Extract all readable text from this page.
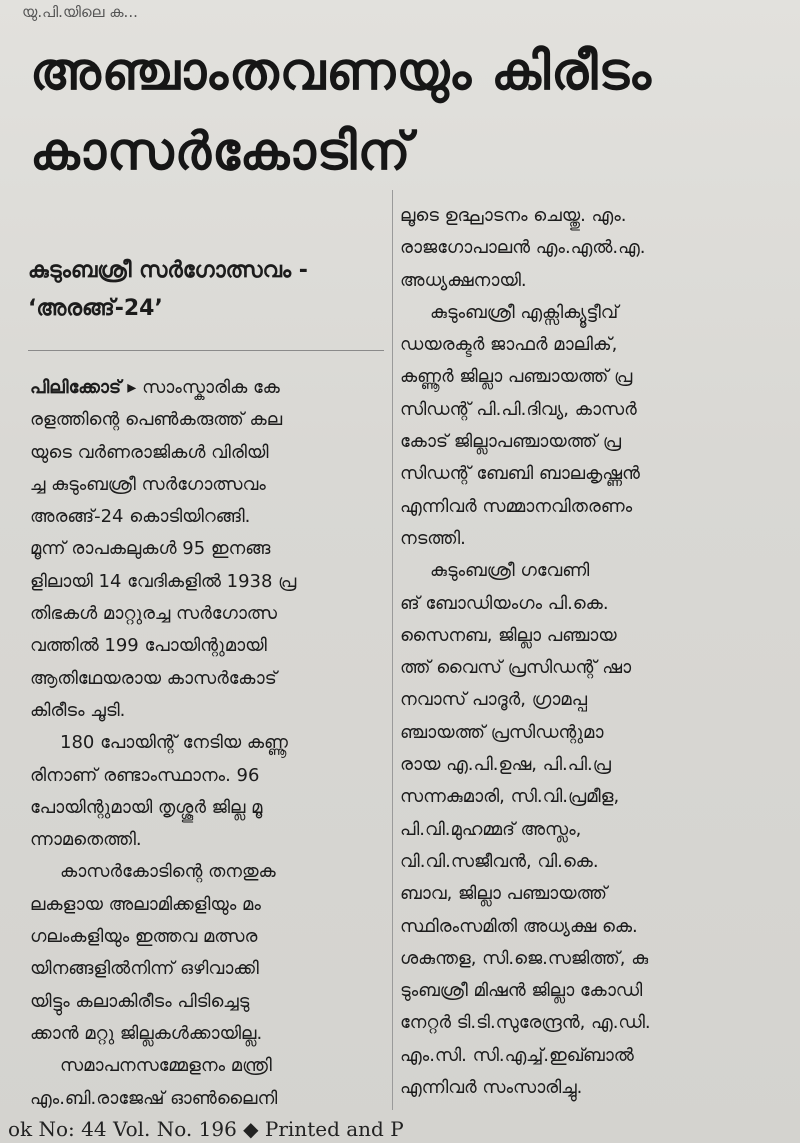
യു.പി.യിലെ ക...
അഞ്ചാംതവണയും കിരീടം
കാസർകോടിന്
കുടുംബശ്രീ സർഗോത്സവം -
‘അരങ്ങ്-24’
പിലിക്കോട് ▸ സാംസ്കാരിക കേ
രളത്തിന്റെ പെൺകരുത്ത് കല
യുടെ വർണരാജികൾ വിരിയി
ച്ച കുടുംബശ്രീ സർഗോത്സവം
അരങ്ങ്-24 കൊടിയിറങ്ങി.
മൂന്ന് രാപകലുകൾ 95 ഇനങ്ങ
ളിലായി 14 വേദികളിൽ 1938 പ്ര
തിഭകൾ മാറ്റുരച്ച സർഗോത്സ
വത്തിൽ 199 പോയിന്റുമായി
ആതിഥേയരായ കാസർകോട്
കിരീടം ചൂടി.
180 പോയിന്റ് നേടിയ കണ്ണൂ
രിനാണ് രണ്ടാംസ്ഥാനം. 96
പോയിന്റുമായി തൃശ്ശൂർ ജില്ല മൂ
ന്നാമതെത്തി.
കാസർകോടിന്റെ തനതുക
ലകളായ അലാമിക്കളിയും മം
ഗലംകളിയും ഇത്തവ മത്സര
യിനങ്ങളിൽനിന്ന് ഒഴിവാക്കി
യിട്ടും കലാകിരീടം പിടിച്ചെടു
ക്കാൻ മറ്റു ജില്ലകൾക്കായില്ല.
സമാപനസമ്മേളനം മന്ത്രി
എം.ബി.രാജേഷ് ഓൺലൈനി
ലൂടെ ഉദ്ഘാടനം ചെയ്തു. എം.
രാജഗോപാലൻ എം.എൽ.എ.
അധ്യക്ഷനായി.
കുടുംബശ്രീ എക്സിക്യൂട്ടീവ്
ഡയരക്ടർ ജാഫർ മാലിക്,
കണ്ണൂർ ജില്ലാ പഞ്ചായത്ത് പ്ര
സിഡന്റ് പി.പി.ദിവ്യ, കാസർ
കോട് ജില്ലാപഞ്ചായത്ത് പ്ര
സിഡന്റ് ബേബി ബാലകൃഷ്ണൻ
എന്നിവർ സമ്മാനവിതരണം
നടത്തി.
കുടുംബശ്രീ ഗവേണി
ങ് ബോഡിയംഗം പി.കെ.
സൈനബ, ജില്ലാ പഞ്ചായ
ത്ത് വൈസ് പ്രസിഡന്റ് ഷാ
നവാസ് പാദൂർ, ഗ്രാമപ്പ
ഞ്ചായത്ത് പ്രസിഡന്റുമാ
രായ എ.പി.ഉഷ, പി.പി.പ്ര
സന്നകുമാരി, സി.വി.പ്രമീള,
പി.വി.മുഹമ്മദ് അസ്ലം,
വി.വി.സജീവൻ, വി.കെ.
ബാവ, ജില്ലാ പഞ്ചായത്ത്
സ്ഥിരംസമിതി അധ്യക്ഷ കെ.
ശകുന്തള, സി.ജെ.സജിത്ത്, കു
ടുംബശ്രീ മിഷൻ ജില്ലാ കോഡി
നേറ്റർ ടി.ടി.സുരേന്ദ്രൻ, എ.ഡി.
എം.സി. സി.എച്ച്.ഇഖ്ബാൽ
എന്നിവർ സംസാരിച്ചു.
ok No: 44 Vol. No. 196 ◆ Printed and P
